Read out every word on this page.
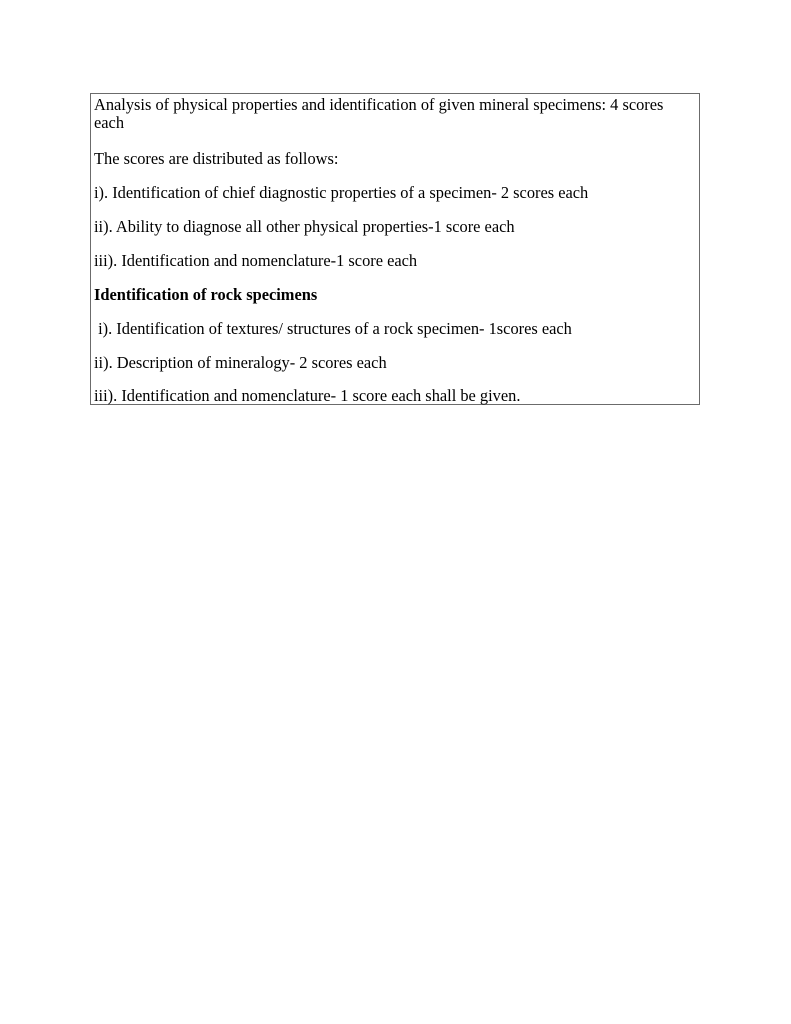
Analysis of physical properties and identification of given mineral specimens: 4 scores each

The scores are distributed as follows:

i). Identification of chief diagnostic properties of a specimen- 2 scores each

ii). Ability to diagnose all other physical properties-1 score each

iii). Identification and nomenclature-1 score each

Identification of rock specimens

i). Identification of textures/ structures of a rock specimen- 1scores each

ii). Description of mineralogy- 2 scores each

iii). Identification and nomenclature- 1 score each shall be given.
